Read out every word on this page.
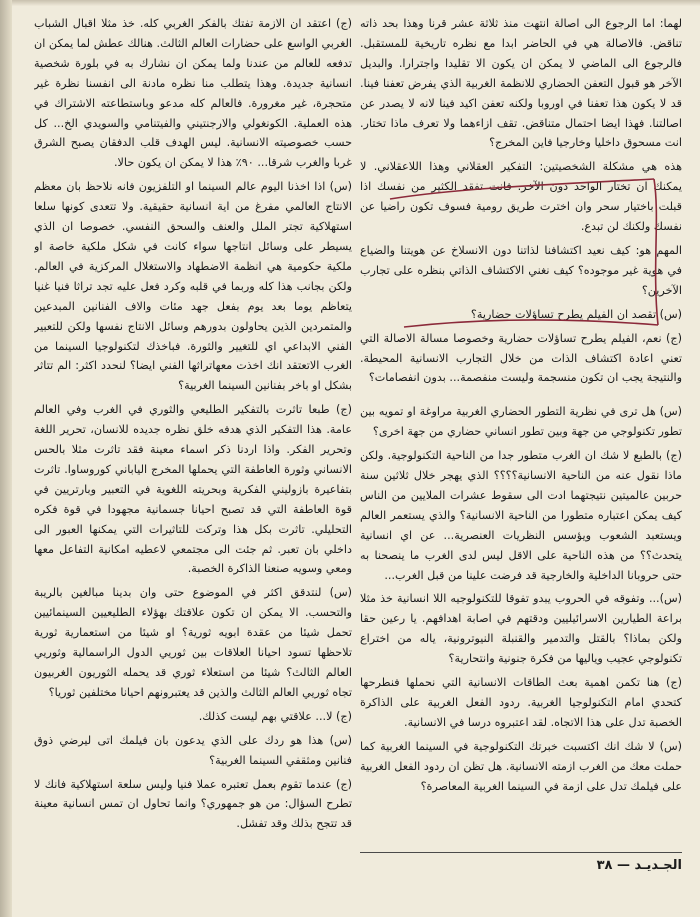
لهما: اما الرجوع الى اصالة انتهت منذ ثلاثة عشر قرنا وهذا بحد ذاته تناقض. فالاصالة هي في الحاضر ابدا مع نظره تاريخية للمستقبل. فالرجوع الى الماضي لا يمكن ان يكون الا تقليدا واجترارا. والبديل الآخر هو قبول التعفن الحضاري للانظمة الغربية الذي يفرض تعفنا فينا. قد لا يكون هذا تعفنا في اوروبا ولكنه تعفن اكيد فينا لانه لا يصدر عن اصالتنا. فهذا ايضا احتمال متناقض. تقف ازاءهما ولا تعرف ماذا تختار. انت مسحوق داخليا وخارجيا فاين المخرج؟

هذه هي مشكلة الشخصيتين: التفكير العقلاني وهذا اللاعقلاني. لا يمكنك ان تختار الواحد دون الآخر. فانت تفقد الكثير من نفسك اذا قبلت باختيار سحر وان اخترت طريق رومية فسوف تكون راضيا عن نفسك ولكنك لن تبدع.

المهم هو: كيف نعيد اكتشافنا لذاتنا دون الانسلاخ عن هويتنا والضياع في هوية غير موجوده؟ كيف نغني الاكتشاف الذاتي بنظره على تجارب الآخرين؟

(س) تقصد ان الفيلم يطرح تساؤلات حضارية؟

(ج) نعم، الفيلم يطرح تساؤلات حضارية وخصوصا مسالة الاصالة التي تعني اعادة اكتشاف الذات من خلال التجارب الانسانية المحيطة. والنتيجة يجب ان تكون منسجمة وليست منفصمة... بدون انفصامات؟

(س) هل ترى في نظرية التطور الحضاري الغربية مراوغة او تمويه بين تطور تكنولوجي من جهة وبين تطور انساني حضاري من جهة اخرى؟

(ج) بالطبع لا شك ان الغرب متطور جدا من الناحية التكنولوجية. ولكن ماذا نقول عنه من الناحية الانسانية؟؟؟؟ الذي يهجر خلال ثلاثين سنة حربين عالميتين نتيجتهما ادت الى سقوط عشرات الملايين من الناس كيف يمكن اعتباره متطورا من الناحية الانسانية؟ والذي يستعمر العالم ويستعبد الشعوب ويؤسس النظريات العنصرية... عن اي انسانية يتحدث؟؟ من هذه الناحية على الاقل ليس لدى الغرب ما ينصحنا به حتى حروبانا الداخلية والخارجية قد فرضت علينا من قبل الغرب...

(س)... وتفوقه في الحروب يبدو تفوقا للتكنولوجيه اللا انسانية خذ مثلا براعة الطيارين الاسرائيليين ودقتهم في اصابة اهدافهم. يا رعين حقا ولكن بماذا؟ بالقتل والتدمير والقنبلة النيوترونية، ياله من اختراع تكنولوجي عجيب وياليها من فكرة جنونية وانتحارية؟

(ج) هنا تكمن اهمية بعث الطاقات الانسانية التي نحملها فنطرحها كتحدي امام التكنولوجيا الغربية. ردود الفعل الغربية على الذاكرة الخصبة تدل على هذا الاتجاه. لقد اعتبروه درسا في الانسانية.

(س) لا شك انك اكتسبت خبرتك التكنولوجية في السينما الغربية كما حملت معك من الغرب ازمته الانسانية. هل تظن ان ردود الفعل الغربية على فيلمك تدل على ازمة في السينما الغربية المعاصرة؟

(ج) اعتقد ان الازمة تفتك بالفكر الغربي كله. خذ مثلا اقبال الشباب الغربي الواسع على حضارات العالم الثالث. هنالك عطش لما يمكن ان تدفعه للعالم من عندنا ولما يمكن ان نشارك به في بلورة شخصية انسانية جديدة. وهذا يتطلب منا نظره مادنة الى انفسنا نظرة غير متحجرة، غير مغرورة. فالعالم كله مدعو وباستطاعته الاشتراك في هذه العملية. الكونغولي والارجنتيني والفيتنامي والسويدي الخ... كل حسب خصوصيته الانسانية. ليس الهدف قلب الدفقان يصبح الشرق غربا والغرب شرقا... ٩٠٪ هذا لا يمكن ان يكون حالا.

(س) اذا اخذنا اليوم عالم السينما او التلفزيون فانه نلاحظ بان معظم الانتاج العالمي مفرغ من اية انسانية حقيقية. ولا تتعدى كونها سلعا استهلاكية تجتر الملل والعنف والسحق النفسي. خصوصا ان الذي يسيطر على وسائل انتاجها سواء كانت في شكل ملكية خاصة او ملكية حكومية هي انظمة الاضطهاد والاستغلال المركزية في العالم. ولكن بجانب هذا كله وربما في قلبه وكرد فعل عليه تجد تراثا فنيا غنيا يتعاظم يوما بعد يوم بفعل جهد مئات والاف الفنانين المبدعين والمتمردين الذين يحاولون بدورهم وسائل الانتاج نفسها ولكن للتعبير الفني الابداعي اي للتغيير والثورة. فباخذك لتكنولوجيا السينما من الغرب الاتعتقد انك اخذت معهاتراثها الفني ايضا؟ لنحدد اكثر: الم تتاثر بشكل او باخر بفنانين السينما الغربية؟

(ج) طبعا تاثرت بالتفكير الطليعي والثوري في الغرب وفي العالم عامة. هذا التفكير الذي هدفه خلق نظره جديده للانسان، تحرير اللغة وتحرير الفكر. واذا اردنا ذكر اسماء معينة فقد تاثرت مثلا بالحس الانساني وثورة العاطفة التي يحملها المخرج الياباني كوروساوا. تاثرت بتفاعيرة بازوليني الفكرية وبحريته اللغوية في التعبير وبارتريين في قوة العاطفة التي قد تصبح احيانا جسمانية مجهودا في قوة فكره التحليلي. تاثرت بكل هذا وتركت للتاثيرات التي يمكنها العبور الى داخلي بان تعبر. ثم جئت الى مجتمعي لاعطيه امكانية التفاعل معها ومعي وسويه صنعنا الذاكرة الخصبة.

(س) لنتدقق اكثر في الموضوع حتى وان بدينا مبالغين بالريبة والتحسب. الا يمكن ان تكون علاقتك بهؤلاء الطليعيين السينمائيين تحمل شيئا من عقدة ابويه ثورية؟ او شيئا من استعمارية ثورية تلاحظها تسود احيانا العلاقات بين ثوريي الدول الراسمالية وثوريي العالم الثالث؟ شيئا من استعلاء ثوري قد يحمله الثوريون الغربيون تجاه ثوريي العالم الثالث والذين قد يعتبرونهم احيانا مختلفين ثوريا؟

(ج) لا... علاقتي بهم ليست كذلك.

(س) هذا هو ردك على الذي يدعون بان فيلمك اتى ليرضي ذوق فنانين ومثقفي السينما الغربية؟

(ج) عندما تقوم بعمل تعتبره عملا فنيا وليس سلعة استهلاكية فانك لا تطرح السؤال: من هو جمهوري؟ وانما تحاول ان تمس انسانية معينة قد تتجح بذلك وقد تفشل.

الجـديـد — ٣٨
